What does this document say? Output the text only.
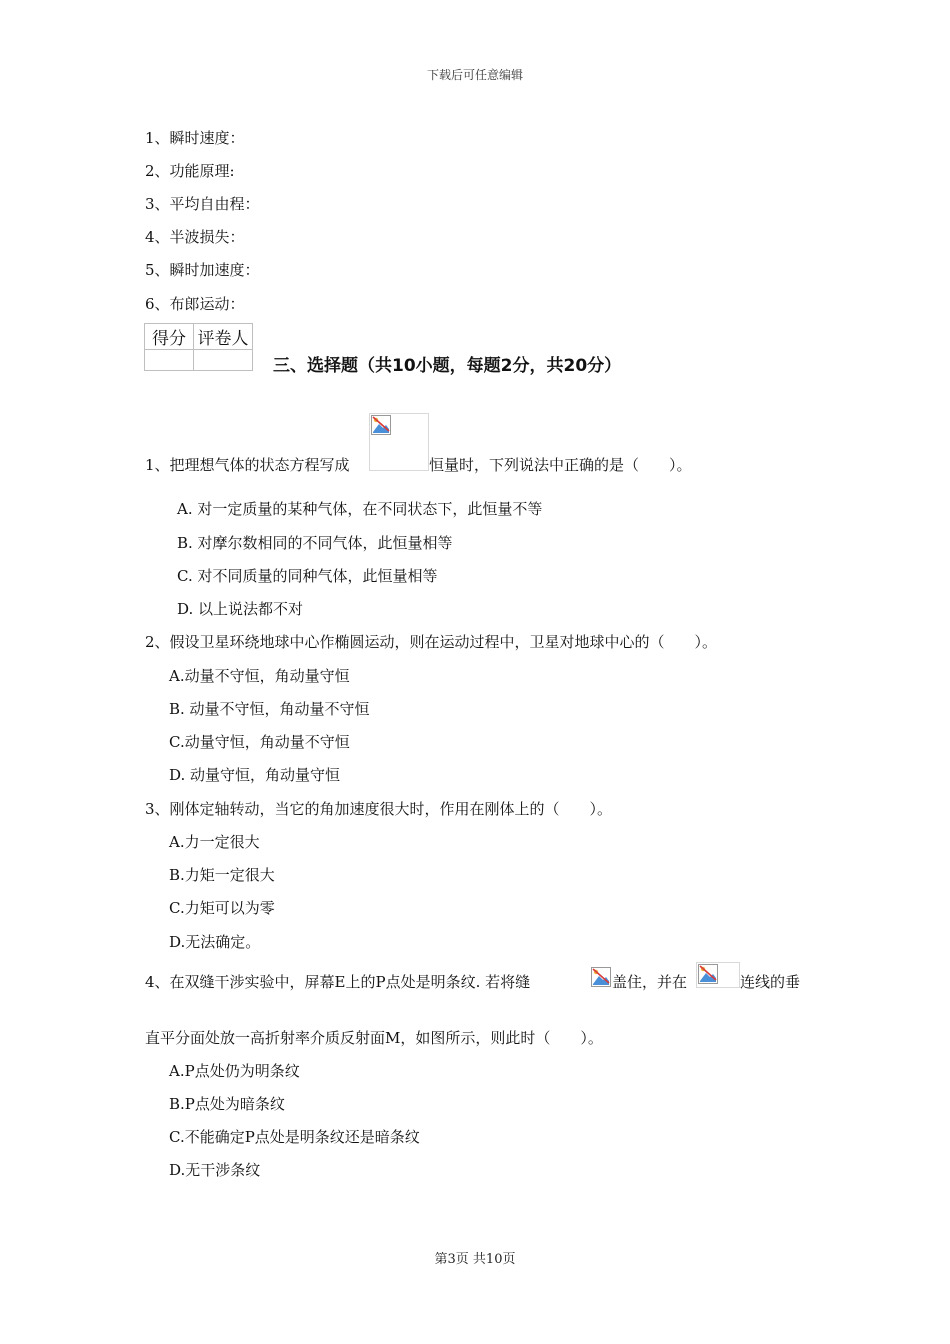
下载后可任意编辑
1、瞬时速度：
2、功能原理:
3、平均自由程：
4、半波损失：
5、瞬时加速度：
6、布郎运动：
得分	评卷人

三、选择题（共10小题，每题2分，共20分）
1、把理想气体的状态方程写成	恒量时，下列说法中正确的是（　　）。
A. 对一定质量的某种气体，在不同状态下，此恒量不等
B. 对摩尔数相同的不同气体，此恒量相等
C. 对不同质量的同种气体，此恒量相等
D. 以上说法都不对
2、假设卫星环绕地球中心作椭圆运动，则在运动过程中，卫星对地球中心的（　　）。
A.动量不守恒，角动量守恒
B. 动量不守恒，角动量不守恒
C.动量守恒，角动量不守恒
D. 动量守恒，角动量守恒
3、刚体定轴转动，当它的角加速度很大时，作用在刚体上的（　　）。
A.力一定很大
B.力矩一定很大
C.力矩可以为零
D.无法确定。
4、在双缝干涉实验中，屏幕E上的P点处是明条纹. 若将缝	盖住，并在	连线的垂
直平分面处放一高折射率介质反射面M，如图所示，则此时（　　）。
A.P点处仍为明条纹
B.P点处为暗条纹
C.不能确定P点处是明条纹还是暗条纹
D.无干涉条纹
第3页 共10页
